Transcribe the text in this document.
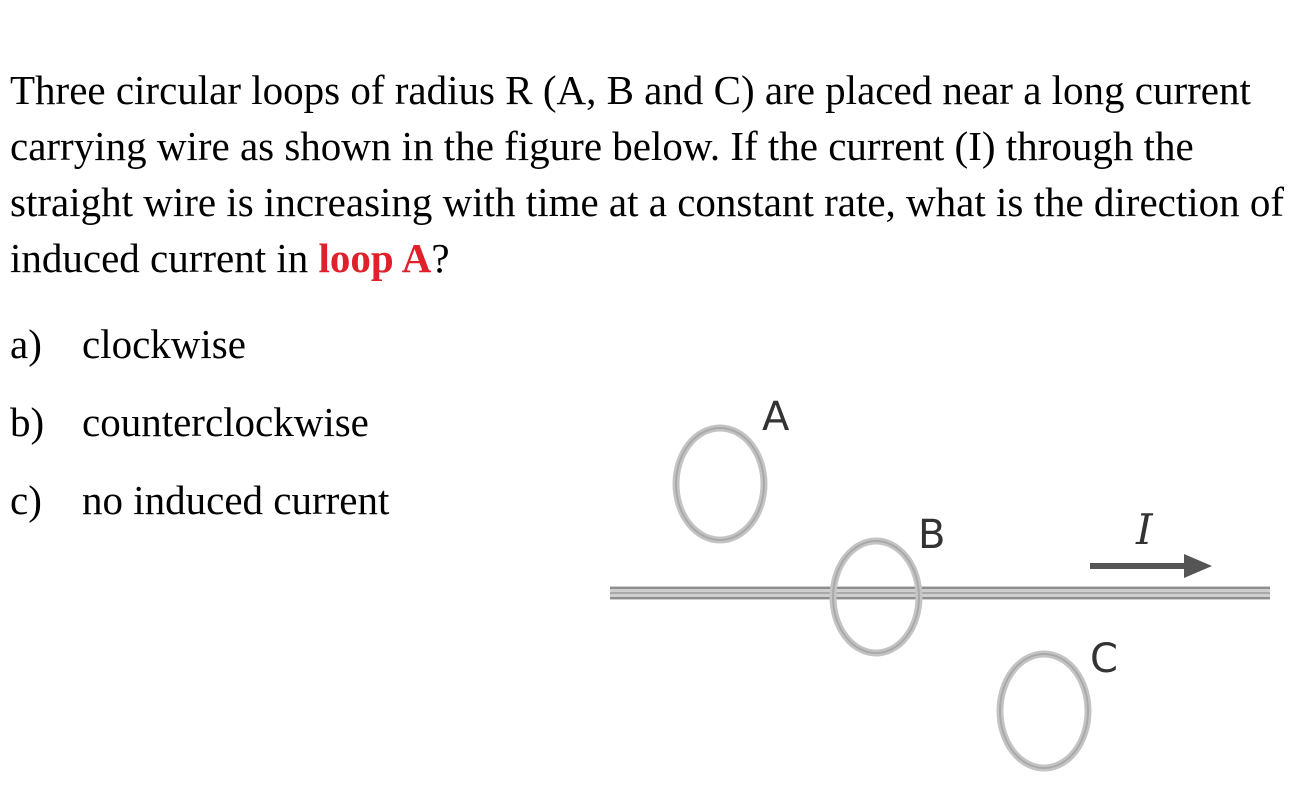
Three circular loops of radius R (A, B and C) are placed near a long current carrying wire as shown in the figure below. If the current (I) through the straight wire is increasing with time at a constant rate, what is the direction of induced current in loop A?

a) clockwise
b) counterclockwise
c) no induced current
A
B
C
I
